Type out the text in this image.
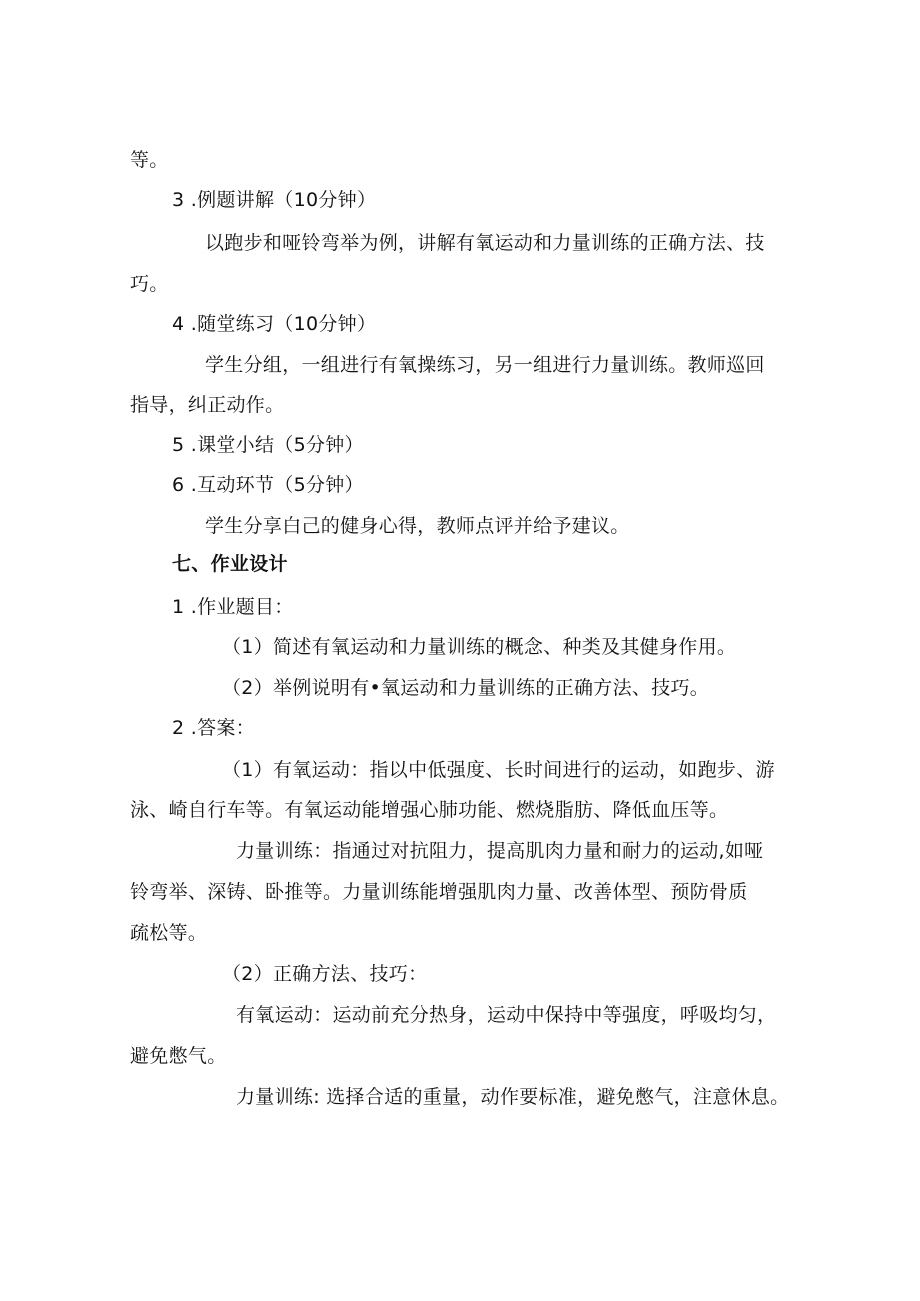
等。
3 .例题讲解（10分钟）
以跑步和哑铃弯举为例，讲解有氧运动和力量训练的正确方法、技
巧。
4 .随堂练习（10分钟）
学生分组，一组进行有氧操练习，另一组进行力量训练。教师巡回
指导，纠正动作。
5 .课堂小结（5分钟）
6 .互动环节（5分钟）
学生分享白己的健身心得，教师点评并给予建议。
七、作业设计
1 .作业题目：
（1）简述有氧运动和力量训练的概念、种类及其健身作用。
（2）举例说明有•氧运动和力量训练的正确方法、技巧。
2 .答案：
（1）有氧运动：指以中低强度、长时间进行的运动，如跑步、游
泳、崎自行车等。有氧运动能增强心肺功能、燃烧脂肪、降低血压等。
力量训练：指通过对抗阻力，提高肌肉力量和耐力的运动,如哑
铃弯举、深铸、卧推等。力量训练能增强肌肉力量、改善体型、预防骨质
疏松等。
（2）正确方法、技巧：
有氧运动：运动前充分热身，运动中保持中等强度，呼吸均匀，
避免憋气。
力量训练: 选择合适的重量，动作要标准，避免憋气，注意休息。
